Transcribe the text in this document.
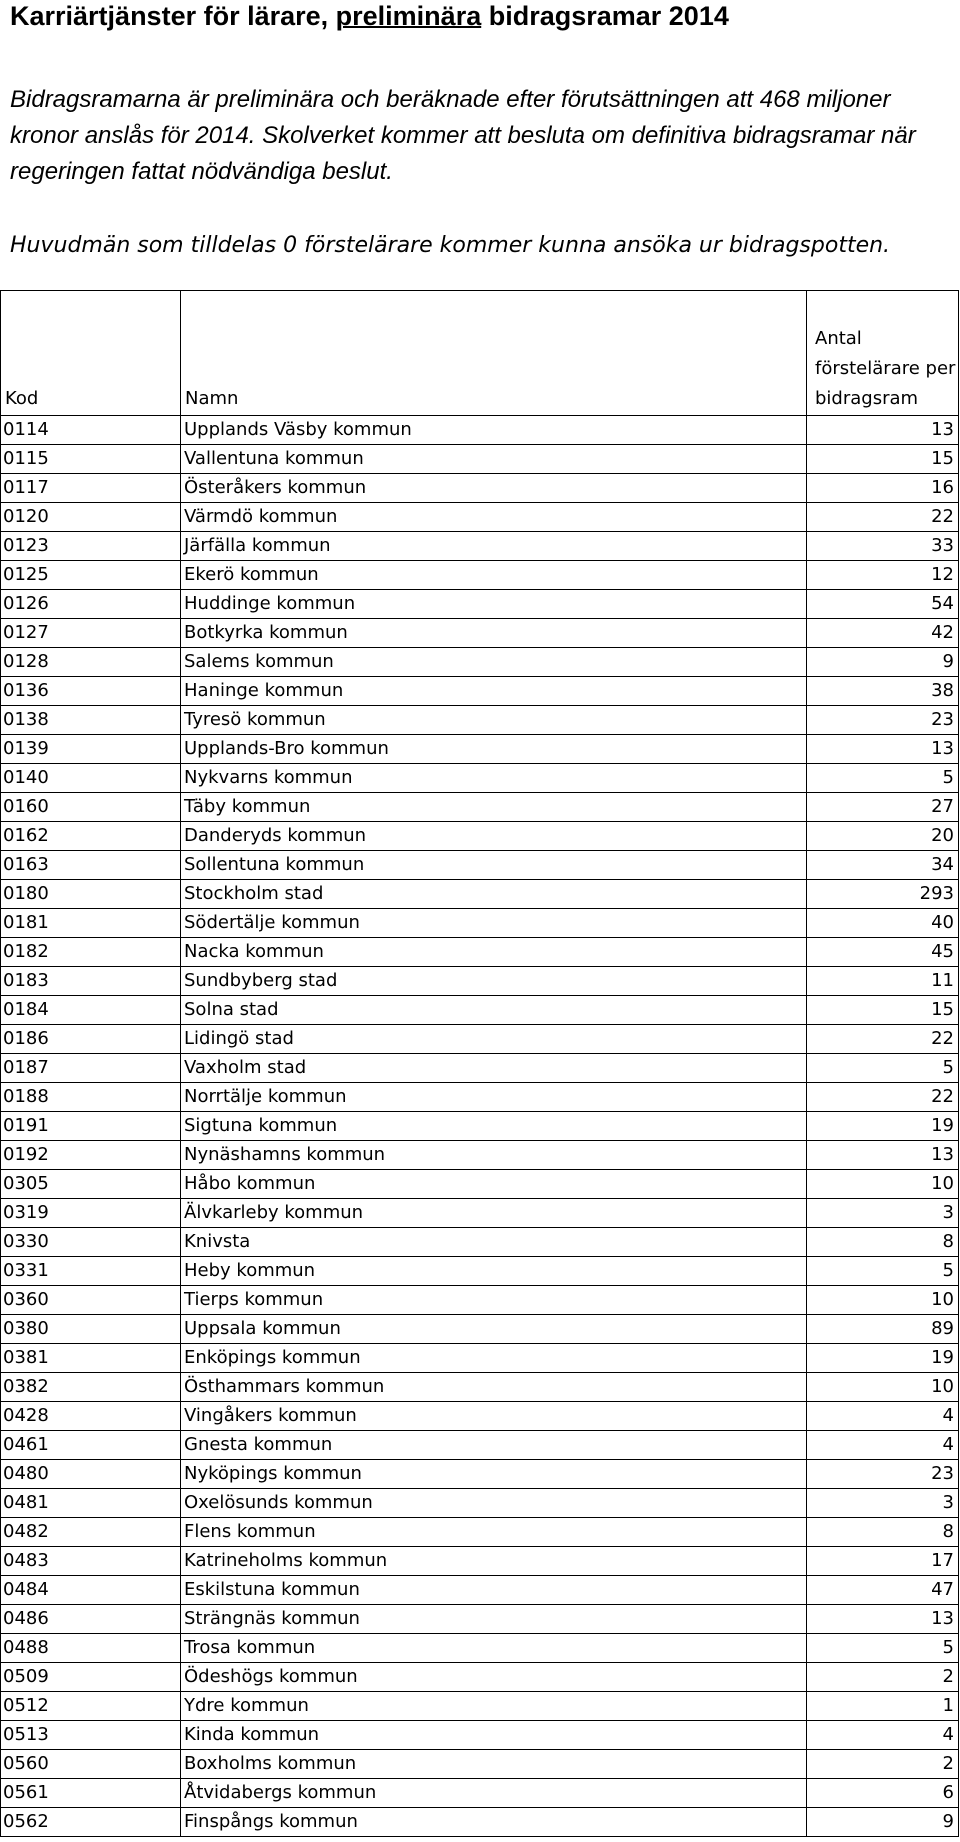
Karriärtjänster för lärare, preliminära bidragsramar 2014
Bidragsramarna är preliminära och beräknade efter förutsättningen att 468 miljoner kronor anslås för 2014. Skolverket kommer att besluta om definitiva bidragsramar när regeringen fattat nödvändiga beslut.
Huvudmän som tilldelas 0 förstelärare kommer kunna ansöka ur bidragspotten.
Kod	Namn	Antal förstelärare per bidragsram
0114	Upplands Väsby kommun	13
0115	Vallentuna kommun	15
0117	Österåkers kommun	16
0120	Värmdö kommun	22
0123	Järfälla kommun	33
0125	Ekerö kommun	12
0126	Huddinge kommun	54
0127	Botkyrka kommun	42
0128	Salems kommun	9
0136	Haninge kommun	38
0138	Tyresö kommun	23
0139	Upplands-Bro kommun	13
0140	Nykvarns kommun	5
0160	Täby kommun	27
0162	Danderyds kommun	20
0163	Sollentuna kommun	34
0180	Stockholm stad	293
0181	Södertälje kommun	40
0182	Nacka kommun	45
0183	Sundbyberg stad	11
0184	Solna stad	15
0186	Lidingö stad	22
0187	Vaxholm stad	5
0188	Norrtälje kommun	22
0191	Sigtuna kommun	19
0192	Nynäshamns kommun	13
0305	Håbo kommun	10
0319	Älvkarleby kommun	3
0330	Knivsta	8
0331	Heby kommun	5
0360	Tierps kommun	10
0380	Uppsala kommun	89
0381	Enköpings kommun	19
0382	Östhammars kommun	10
0428	Vingåkers kommun	4
0461	Gnesta kommun	4
0480	Nyköpings kommun	23
0481	Oxelösunds kommun	3
0482	Flens kommun	8
0483	Katrineholms kommun	17
0484	Eskilstuna kommun	47
0486	Strängnäs kommun	13
0488	Trosa kommun	5
0509	Ödeshögs kommun	2
0512	Ydre kommun	1
0513	Kinda kommun	4
0560	Boxholms kommun	2
0561	Åtvidabergs kommun	6
0562	Finspångs kommun	9
